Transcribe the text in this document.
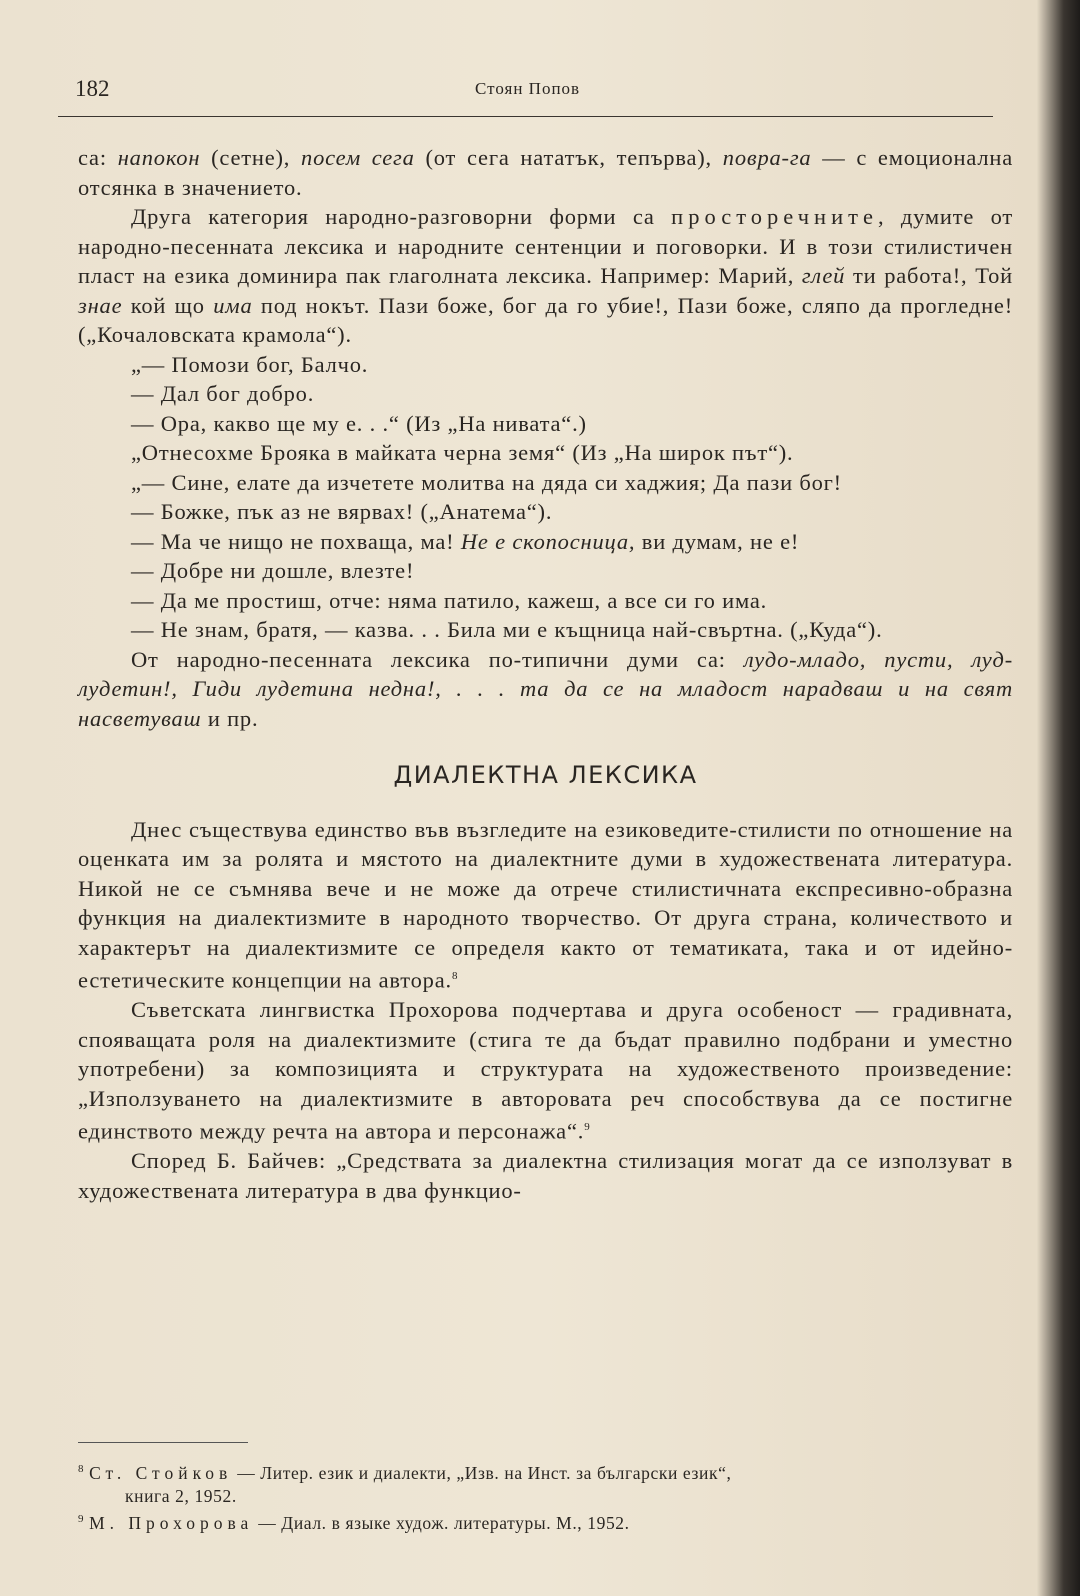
182	Стоян Попов

са: напокон (сетне), посем сега (от сега нататък, тепърва), повра-га — с емоционална отсянка в значението.

Друга категория народно-разговорни форми са просторечните, думите от народно-песенната лексика и народните сентенции и поговорки. И в този стилистичен пласт на езика доминира пак глаголната лексика. Например: Марий, глей ти работа!, Той знае кой що има под нокът. Пази боже, бог да го убие!, Пази боже, сляпо да прогледне! („Кочаловската крамола“).

„— Помози бог, Балчо.

— Дал бог добро.

— Ора, какво ще му е. . .“ (Из „На нивата“.)

„Отнесохме Брояка в майката черна земя“ (Из „На широк път“).

„— Сине, елате да изчетете молитва на дяда си хаджия; Да пази бог!

— Божке, пък аз не вярвах! („Анатема“).

— Ма че нищо не похваща, ма! Не е скопосница, ви думам, не е!

— Добре ни дошле, влезте!

— Да ме простиш, отче: няма патило, кажеш, а все си го има.

— Не знам, братя, — казва. . . Била ми е къщница най-свъртна. („Куда“).

От народно-песенната лексика по-типични думи са: лудо-младо, пусти, луд-лудетин!, Гиди лудетина недна!, . . . та да се на младост нарадваш и на свят насветуваш и пр.

ДИАЛЕКТНА ЛЕКСИКА

Днес съществува единство във възгледите на езиковедите-стилисти по отношение на оценката им за ролята и мястото на диалектните думи в художествената литература. Никой не се съмнява вече и не може да отрече стилистичната експресивно-образна функция на диалектизмите в народното творчество. От друга страна, количеството и характерът на диалектизмите се определя както от тематиката, така и от идейно-естетическите концепции на автора.$^8$

Съветската лингвистка Прохорова подчертава и друга особеност — градивната, спояващата роля на диалектизмите (стига те да бъдат правилно подбрани и уместно употребени) за композицията и структурата на художественото произведение: „Използуването на диалектизмите в авторовата реч способствува да се постигне единството между речта на автора и персонажа“.$^9$

Според Б. Байчев: „Средствата за диалектна стилизация могат да се използуват в художествената литература в два функцио-

$^8$ Ст. Стойков — Литер. език и диалекти, „Изв. на Инст. за български език“,

книга 2, 1952.

$^9$ М. Прохорова — Диал. в языке худож. литературы. М., 1952.
